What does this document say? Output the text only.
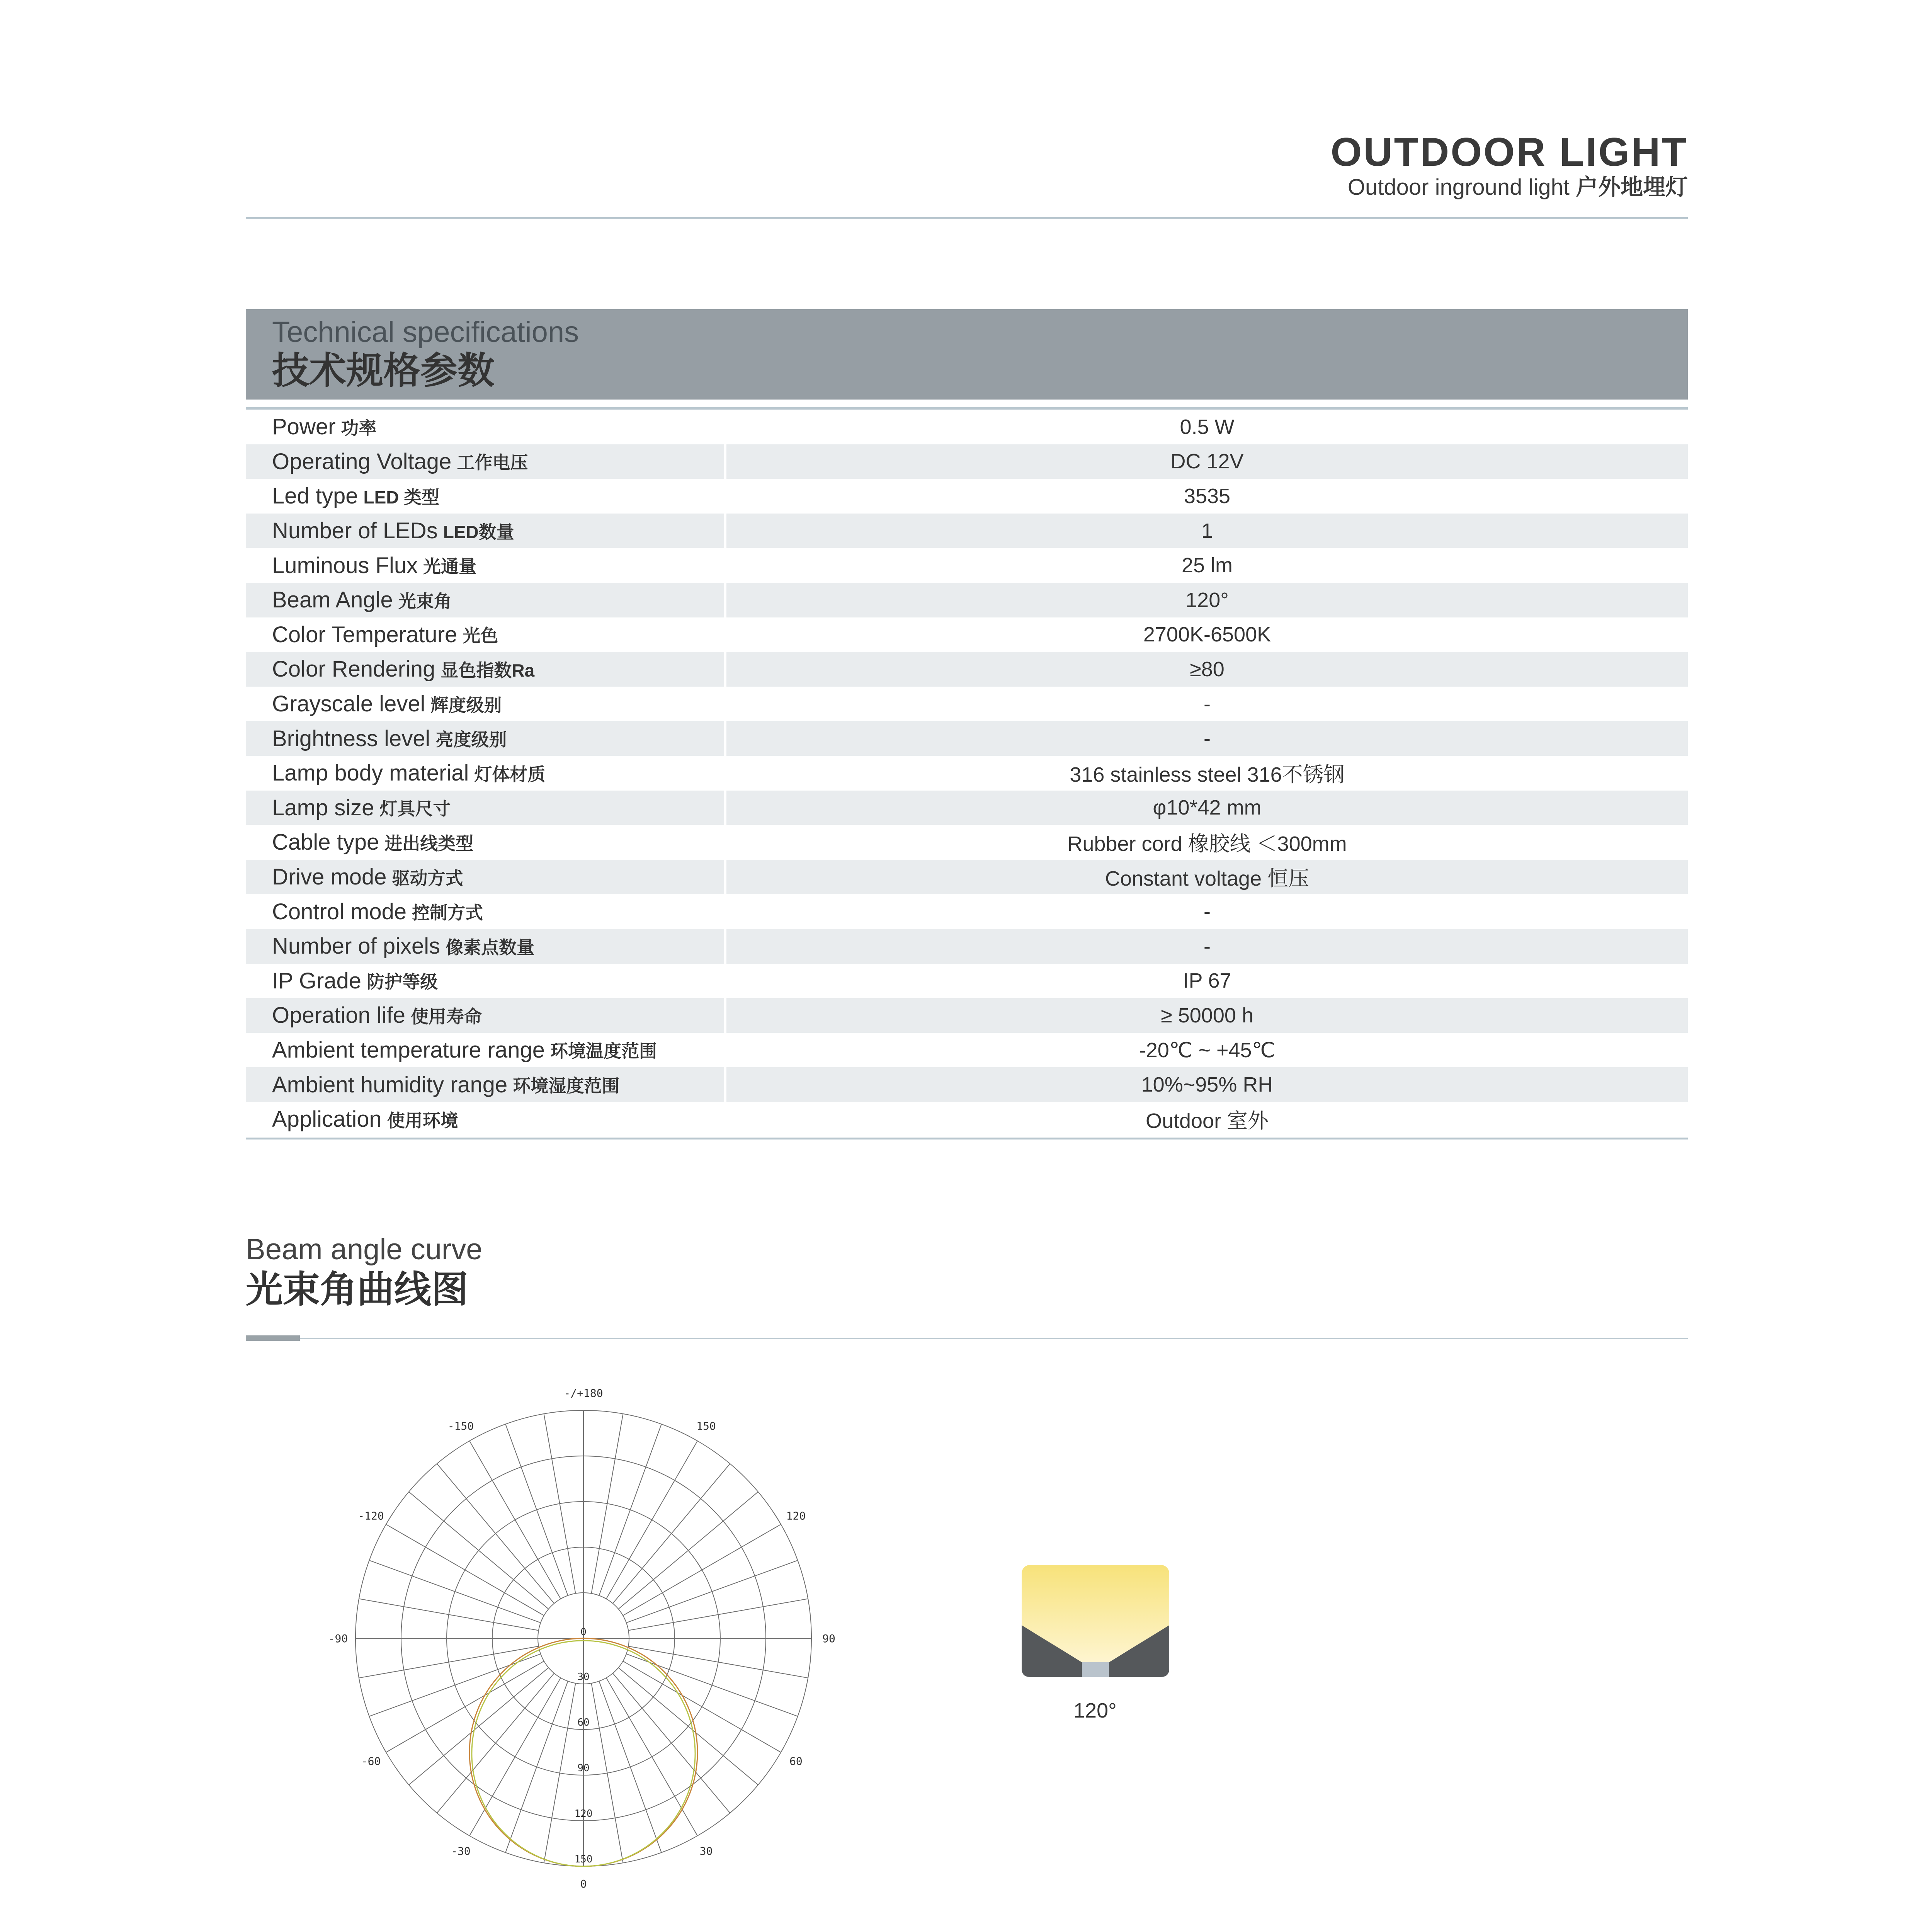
OUTDOOR LIGHT
Outdoor inground light 户外地埋灯
Technical specifications
技术规格参数
Power 功率	0.5 W
Operating Voltage 工作电压	DC 12V
Led type LED 类型	3535
Number of LEDs LED数量	1
Luminous Flux 光通量	25 lm
Beam Angle 光束角	120°
Color Temperature 光色	2700K-6500K
Color Rendering 显色指数Ra	≥80
Grayscale level 辉度级别	-
Brightness level 亮度级别	-
Lamp body material 灯体材质	316 stainless steel 316不锈钢
Lamp size 灯具尺寸	φ10*42 mm
Cable type 进出线类型	Rubber cord 橡胶线 ＜300mm
Drive mode 驱动方式	Constant voltage 恒压
Control mode 控制方式	-
Number of pixels 像素点数量	-
IP Grade 防护等级	IP 67
Operation life 使用寿命	≥ 50000 h
Ambient temperature range 环境温度范围	-20℃ ~ +45℃
Ambient humidity range 环境湿度范围	10%~95% RH
Application 使用环境	Outdoor 室外
Beam angle curve
光束角曲线图
-/+180
150
120
90
60
30
-150
-120
-90
-60
-30
0
0
30
60
90
120
150
120°
